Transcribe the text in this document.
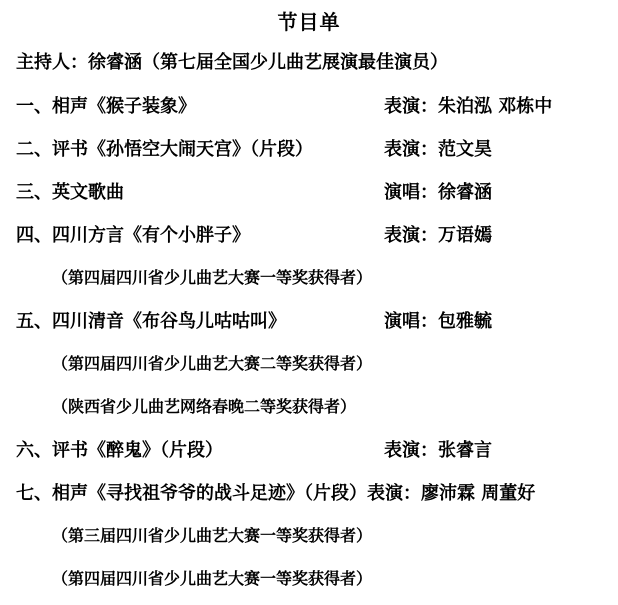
节目单
主持人：徐睿涵（第七届全国少儿曲艺展演最佳演员）
一、相声《猴子装象》	表演：朱泊泓 邓栋中
二、评书《孙悟空大闹天宫》（片段）	表演：范文昊
三、英文歌曲	演唱：徐睿涵
四、四川方言《有个小胖子》	表演：万语嫣
（第四届四川省少儿曲艺大赛一等奖获得者）
五、四川清音《布谷鸟儿咕咕叫》	演唱：包雅毓
（第四届四川省少儿曲艺大赛二等奖获得者）
（陕西省少儿曲艺网络春晚二等奖获得者）
六、评书《醉鬼》（片段）	表演：张睿言
七、相声《寻找祖爷爷的战斗足迹》（片段）表演：廖沛霖 周董好
（第三届四川省少儿曲艺大赛一等奖获得者）
（第四届四川省少儿曲艺大赛一等奖获得者）
